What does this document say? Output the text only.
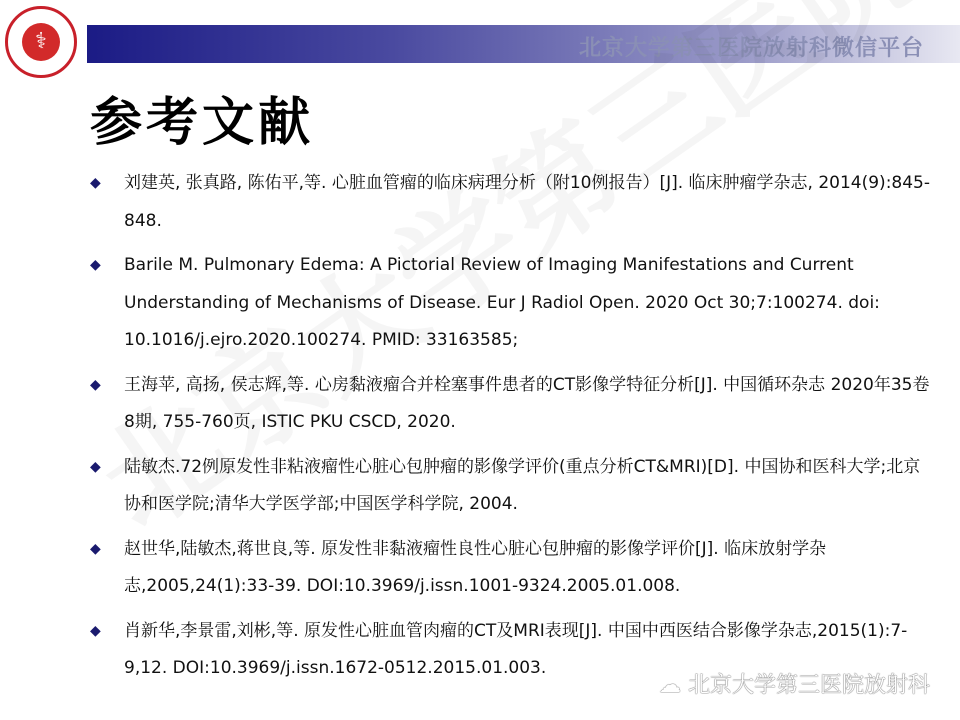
⚕	北京大学第三医院放射科微信平台
参考文献
◆ 刘建英, 张真路, 陈佑平,等. 心脏血管瘤的临床病理分析（附10例报告）[J]. 临床肿瘤学杂志, 2014(9):845-848.
◆ Barile M. Pulmonary Edema: A Pictorial Review of Imaging Manifestations and Current Understanding of Mechanisms of Disease. Eur J Radiol Open. 2020 Oct 30;7:100274. doi: 10.1016/j.ejro.2020.100274. PMID: 33163585;
◆ 王海苹, 高扬, 侯志辉,等. 心房黏液瘤合并栓塞事件患者的CT影像学特征分析[J]. 中国循环杂志 2020年35卷8期, 755-760页, ISTIC PKU CSCD, 2020.
◆ 陆敏杰.72例原发性非粘液瘤性心脏心包肿瘤的影像学评价(重点分析CT&MRI)[D]. 中国协和医科大学;北京协和医学院;清华大学医学部;中国医学科学院, 2004.
◆ 赵世华,陆敏杰,蒋世良,等. 原发性非黏液瘤性良性心脏心包肿瘤的影像学评价[J]. 临床放射学杂志,2005,24(1):33-39. DOI:10.3969/j.issn.1001-9324.2005.01.008.
◆ 肖新华,李景雷,刘彬,等. 原发性心脏血管肉瘤的CT及MRI表现[J]. 中国中西医结合影像学杂志,2015(1):7-9,12. DOI:10.3969/j.issn.1672-0512.2015.01.003.
☁ 北京大学第三医院放射科
